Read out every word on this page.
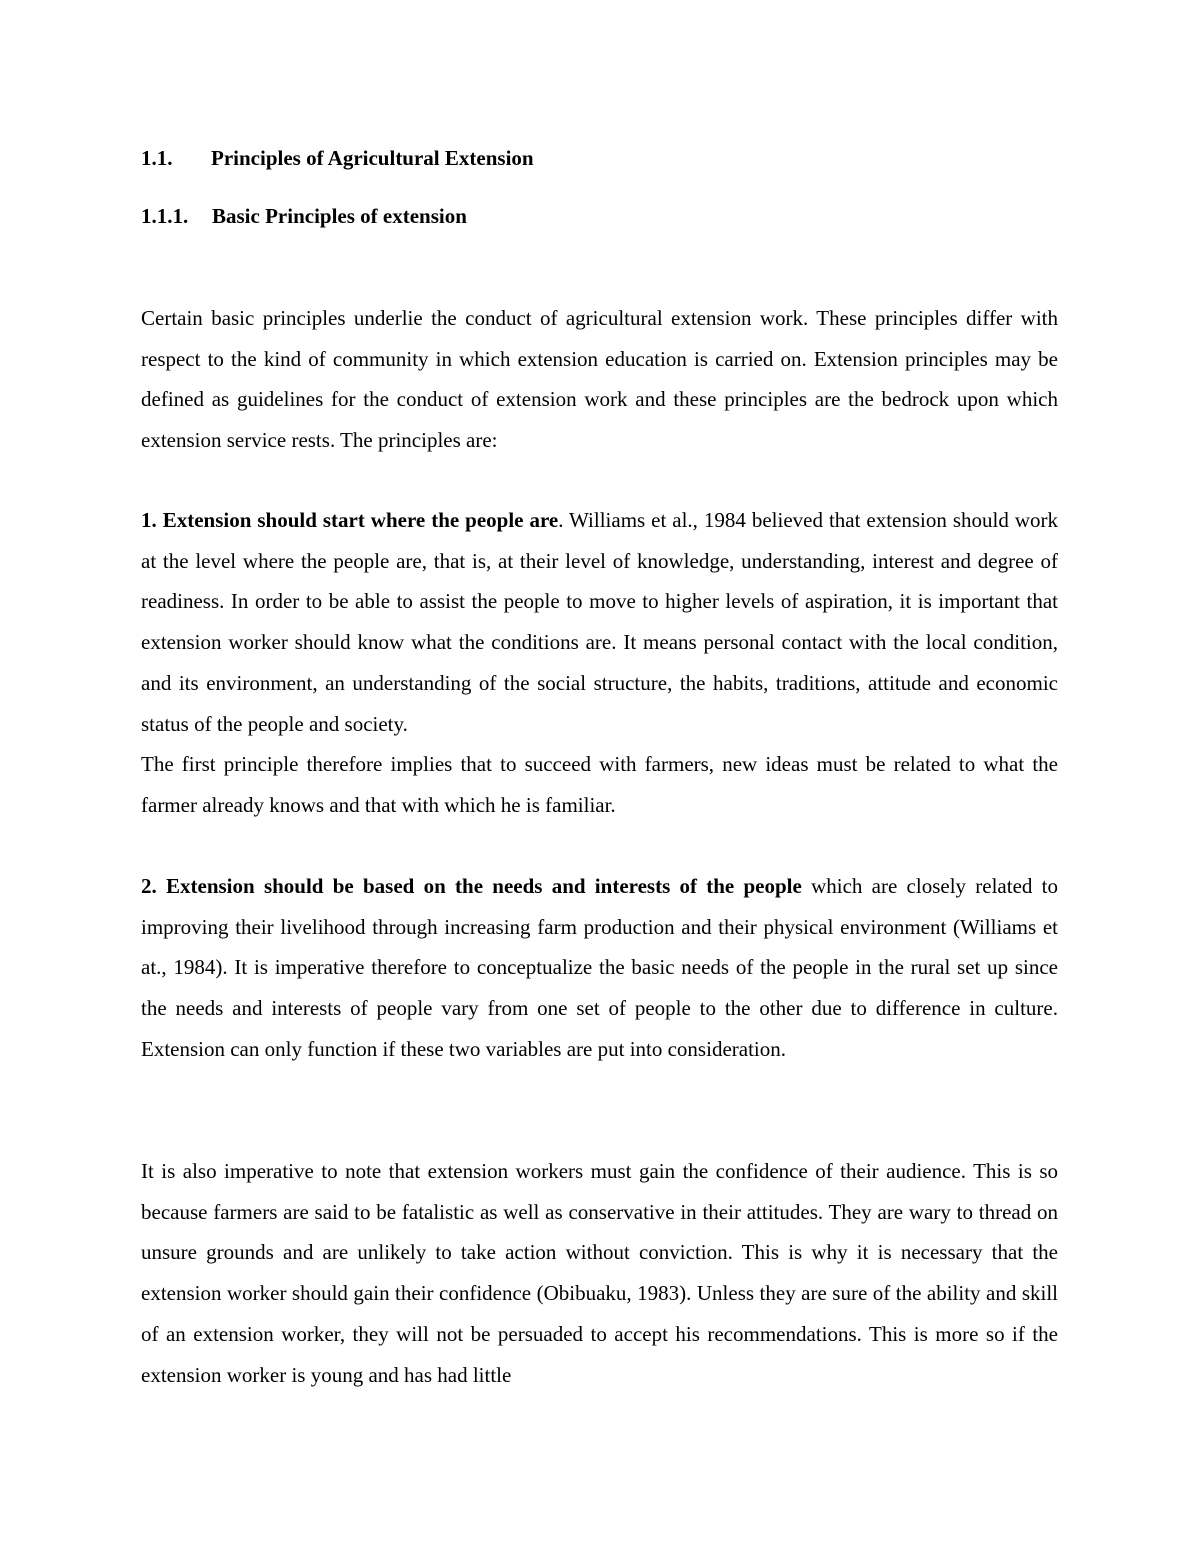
1.1. Principles of Agricultural Extension
1.1.1. Basic Principles of extension

Certain basic principles underlie the conduct of agricultural extension work. These principles differ with respect to the kind of community in which extension education is carried on. Extension principles may be defined as guidelines for the conduct of extension work and these principles are the bedrock upon which extension service rests. The principles are:

1. Extension should start where the people are. Williams et al., 1984 believed that extension should work at the level where the people are, that is, at their level of knowledge, understanding, interest and degree of readiness. In order to be able to assist the people to move to higher levels of aspiration, it is important that extension worker should know what the conditions are. It means personal contact with the local condition, and its environment, an understanding of the social structure, the habits, traditions, attitude and economic status of the people and society.
The first principle therefore implies that to succeed with farmers, new ideas must be related to what the farmer already knows and that with which he is familiar.

2. Extension should be based on the needs and interests of the people which are closely related to improving their livelihood through increasing farm production and their physical environment (Williams et at., 1984). It is imperative therefore to conceptualize the basic needs of the people in the rural set up since the needs and interests of people vary from one set of people to the other due to difference in culture. Extension can only function if these two variables are put into consideration.

It is also imperative to note that extension workers must gain the confidence of their audience. This is so because farmers are said to be fatalistic as well as conservative in their attitudes. They are wary to thread on unsure grounds and are unlikely to take action without conviction. This is why it is necessary that the extension worker should gain their confidence (Obibuaku, 1983). Unless they are sure of the ability and skill of an extension worker, they will not be persuaded to accept his recommendations. This is more so if the extension worker is young and has had little
